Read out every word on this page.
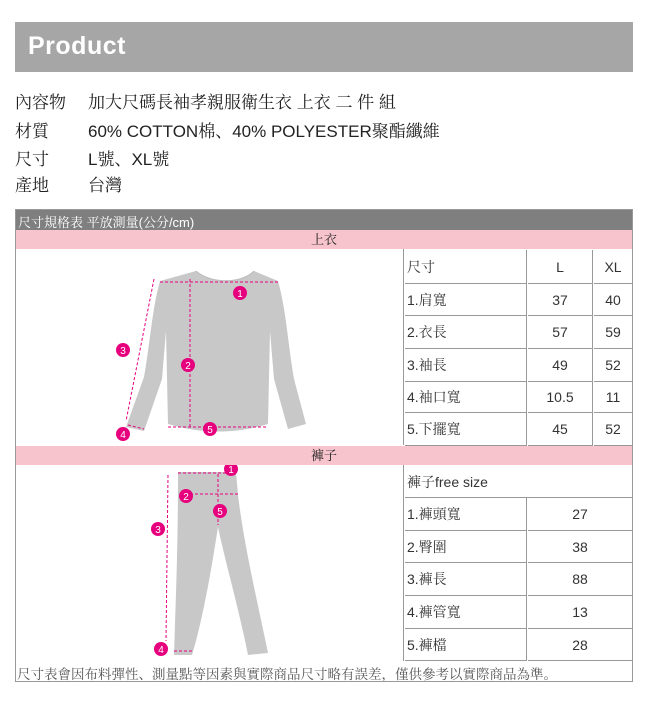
Product
內容物 加大尺碼長袖孝親服衛生衣 上衣 二 件 組
材質 60% COTTON棉、40% POLYESTER聚酯纖維
尺寸 L號、XL號
產地 台灣
尺寸規格表 平放測量(公分/cm)
上衣
1
2
3
4	5
尺寸	L	XL
1.肩寬	37	40
2.衣長	57	59
3.袖長	49	52
4.袖口寬	10.5	11
5.下擺寬	45	52
褲子
1
2
3
4
5
褲子free size
1.褲頭寬	27
2.臀圍	38
3.褲長	88
4.褲管寬	13
5.褲檔	28
尺寸表會因布料彈性、測量點等因素與實際商品尺寸略有誤差，僅供參考以實際商品為準。
